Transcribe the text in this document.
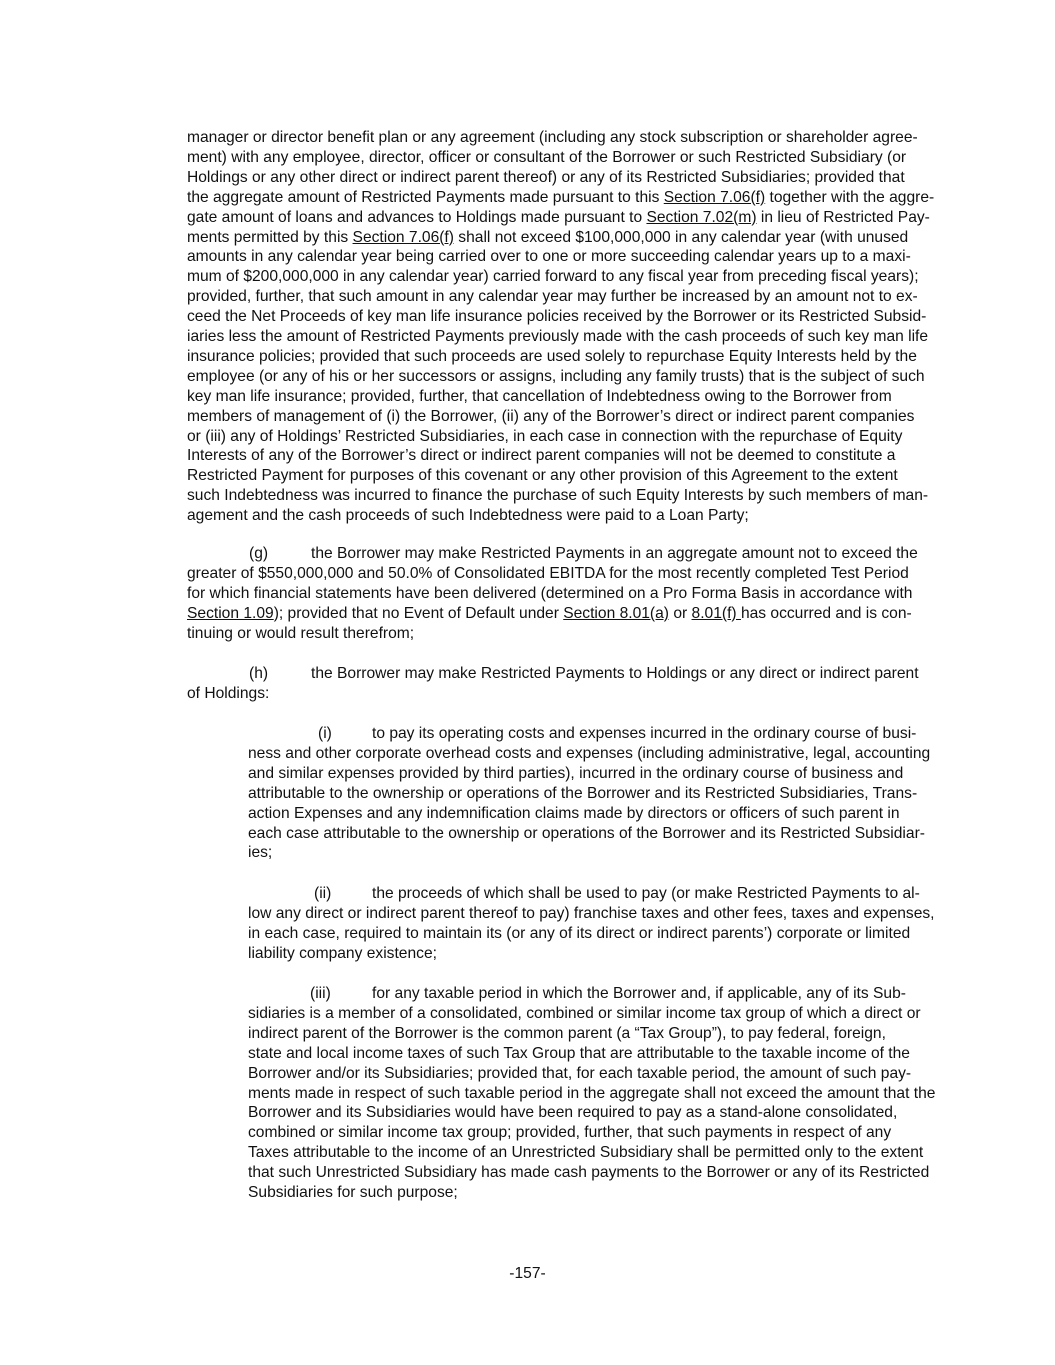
manager or director benefit plan or any agreement (including any stock subscription or shareholder agree-
ment) with any employee, director, officer or consultant of the Borrower or such Restricted Subsidiary (or
Holdings or any other direct or indirect parent thereof) or any of its Restricted Subsidiaries; provided that
the aggregate amount of Restricted Payments made pursuant to this Section 7.06(f) together with the aggre-
gate amount of loans and advances to Holdings made pursuant to Section 7.02(m) in lieu of Restricted Pay-
ments permitted by this Section 7.06(f) shall not exceed $100,000,000 in any calendar year (with unused
amounts in any calendar year being carried over to one or more succeeding calendar years up to a maxi-
mum of $200,000,000 in any calendar year) carried forward to any fiscal year from preceding fiscal years);
provided, further, that such amount in any calendar year may further be increased by an amount not to ex-
ceed the Net Proceeds of key man life insurance policies received by the Borrower or its Restricted Subsid-
iaries less the amount of Restricted Payments previously made with the cash proceeds of such key man life
insurance policies; provided that such proceeds are used solely to repurchase Equity Interests held by the
employee (or any of his or her successors or assigns, including any family trusts) that is the subject of such
key man life insurance; provided, further, that cancellation of Indebtedness owing to the Borrower from
members of management of (i) the Borrower, (ii) any of the Borrower’s direct or indirect parent companies
or (iii) any of Holdings’ Restricted Subsidiaries, in each case in connection with the repurchase of Equity
Interests of any of the Borrower’s direct or indirect parent companies will not be deemed to constitute a
Restricted Payment for purposes of this covenant or any other provision of this Agreement to the extent
such Indebtedness was incurred to finance the purchase of such Equity Interests by such members of man-
agement and the cash proceeds of such Indebtedness were paid to a Loan Party;
(g)	the Borrower may make Restricted Payments in an aggregate amount not to exceed the
greater of $550,000,000 and 50.0% of Consolidated EBITDA for the most recently completed Test Period
for which financial statements have been delivered (determined on a Pro Forma Basis in accordance with
Section 1.09); provided that no Event of Default under Section 8.01(a) or 8.01(f) has occurred and is con-
tinuing or would result therefrom;
(h)	the Borrower may make Restricted Payments to Holdings or any direct or indirect parent
of Holdings:
(i)	to pay its operating costs and expenses incurred in the ordinary course of busi-
ness and other corporate overhead costs and expenses (including administrative, legal, accounting
and similar expenses provided by third parties), incurred in the ordinary course of business and
attributable to the ownership or operations of the Borrower and its Restricted Subsidiaries, Trans-
action Expenses and any indemnification claims made by directors or officers of such parent in
each case attributable to the ownership or operations of the Borrower and its Restricted Subsidiar-
ies;
(ii)	the proceeds of which shall be used to pay (or make Restricted Payments to al-
low any direct or indirect parent thereof to pay) franchise taxes and other fees, taxes and expenses,
in each case, required to maintain its (or any of its direct or indirect parents’) corporate or limited
liability company existence;
(iii)	for any taxable period in which the Borrower and, if applicable, any of its Sub-
sidiaries is a member of a consolidated, combined or similar income tax group of which a direct or
indirect parent of the Borrower is the common parent (a “Tax Group”), to pay federal, foreign,
state and local income taxes of such Tax Group that are attributable to the taxable income of the
Borrower and/or its Subsidiaries; provided that, for each taxable period, the amount of such pay-
ments made in respect of such taxable period in the aggregate shall not exceed the amount that the
Borrower and its Subsidiaries would have been required to pay as a stand-alone consolidated,
combined or similar income tax group; provided, further, that such payments in respect of any
Taxes attributable to the income of an Unrestricted Subsidiary shall be permitted only to the extent
that such Unrestricted Subsidiary has made cash payments to the Borrower or any of its Restricted
Subsidiaries for such purpose;
-157-
